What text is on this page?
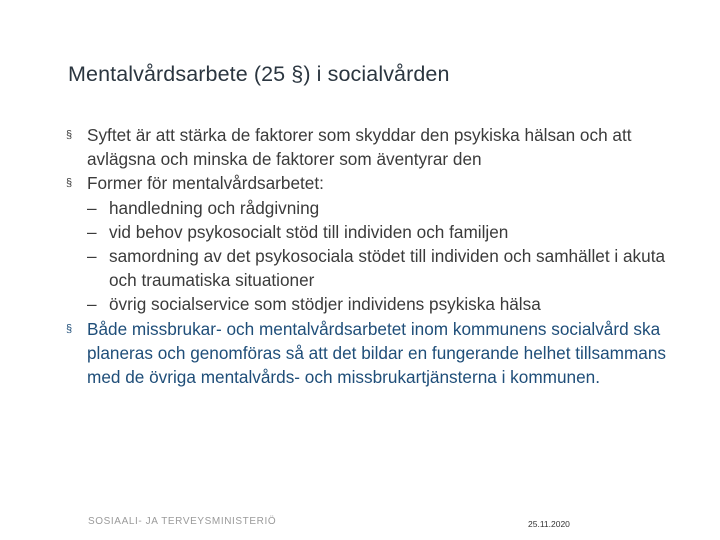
Mentalvårdsarbete (25 §) i socialvården
§ Syftet är att stärka de faktorer som skyddar den psykiska hälsan och att avlägsna och minska de faktorer som äventyrar den
§ Former för mentalvårdsarbetet:
– handledning och rådgivning
– vid behov psykosocialt stöd till individen och familjen
– samordning av det psykosociala stödet till individen och samhället i akuta och traumatiska situationer
– övrig socialservice som stödjer individens psykiska hälsa
§ Både missbrukar- och mentalvårdsarbetet inom kommunens socialvård ska planeras och genomföras så att det bildar en fungerande helhet tillsammans med de övriga mentalvårds- och missbrukartjänsterna i kommunen.
SOSIAALI- JA TERVEYSMINISTERIÖ	25.11.2020
